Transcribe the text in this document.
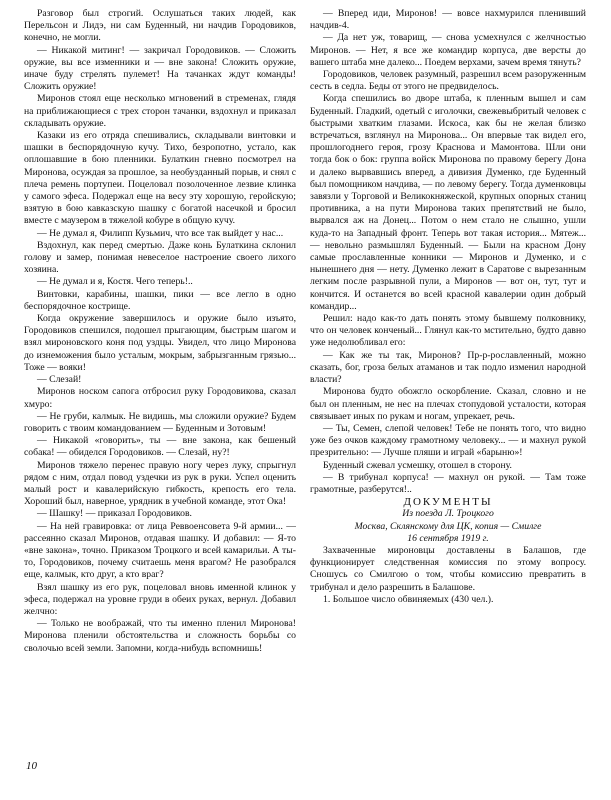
Разговор был строгий. Ослушаться таких людей, как Перельсон и Лидэ, ни сам Буденный, ни начдив Городовиков, конечно, не могли.

— Никакой митинг! — закричал Городовиков. — Сложить оружие, вы все изменники и — вне закона! Сложить оружие, иначе буду стрелять пулемет! На тачанках ждут команды! Сложить оружие!

Миронов стоял еще несколько мгновений в стременах, глядя на приближающиеся с трех сторон тачанки, вздохнул и приказал складывать оружие.

Казаки из его отряда спешивались, складывали винтовки и шашки в беспорядочную кучу. Тихо, безропотно, устало, как оплошавшие в бою пленники. Булаткин гневно посмотрел на Миронова, осуждая за прошлое, за необузданный порыв, и снял с плеча ремень портупеи. Поцеловал позолоченное лезвие клинка у самого эфеса. Подержал еще на весу эту хорошую, геройскую; взятую в бою кавказскую шашку с богатой насечкой и бросил вместе с маузером в тяжелой кобуре в общую кучу.

— Не думал я, Филипп Кузьмич, что все так выйдет у нас...

Вздохнул, как перед смертью. Даже конь Булаткина склонил голову и замер, понимая невеселое настроение своего лихого хозяина.

— Не думал и я, Костя. Чего теперь!..

Винтовки, карабины, шашки, пики — все легло в одно беспорядочное кострище.

Когда окружение завершилось и оружие было изъято, Городовиков спешился, подошел прыгающим, быстрым шагом и взял мироновского коня под уздцы. Увидел, что лицо Миронова до изнеможения было усталым, мокрым, забрызганным грязью... Тоже — вояки!

— Слезай!

Миронов носком сапога отбросил руку Городовикова, сказал хмуро:

— Не груби, калмык. Не видишь, мы сложили оружие? Будем говорить с твоим командованием — Буденным и Зотовым!

— Никакой «говорить», ты — вне закона, как бешеный собака! — обиделся Городовиков. — Слезай, ну?!

Миронов тяжело перенес правую ногу через луку, спрыгнул рядом с ним, отдал повод уздечки из рук в руки. Успел оценить малый рост и кавалерийскую гибкость, крепость его тела. Хороший был, наверное, урядник в учебной команде, этот Ока!

— Шашку! — приказал Городовиков.

— На ней гравировка: от лица Реввоенсовета 9-й армии... — рассеянно сказал Миронов, отдавая шашку. И добавил: — Я-то «вне закона», точно. Приказом Троцкого и всей камарильи. А ты-то, Городовиков, почему считаешь меня врагом? Не разобрался еще, калмык, кто друг, а кто враг?

Взял шашку из его рук, поцеловал вновь именной клинок у эфеса, подержал на уровне груди в обеих руках, вернул. Добавил желчно:

— Только не воображай, что ты именно пленил Миронова! Миронова пленили обстоятельства и сложность борьбы со сволочью всей земли. Запомни, когда-нибудь вспомнишь!

— Вперед иди, Миронов! — вовсе нахмурился пленивший начдив-4.

— Да нет уж, товарищ, — снова усмехнулся с желчностью Миронов. — Нет, я все же командир корпуса, две версты до вашего штаба мне далеко... Поедем верхами, зачем время тянуть?

Городовиков, человек разумный, разрешил всем разоруженным сесть в седла. Беды от этого не предвиделось.

Когда спешились во дворе штаба, к пленным вышел и сам Буденный. Гладкий, одетый с иголочки, свежевыбритый человек с быстрыми хватким глазами. Искоса, как бы не желая близко встречаться, взглянул на Миронова... Он впервые так видел его, прошлогоднего героя, грозу Краснова и Мамонтова. Шли они тогда бок о бок: группа войск Миронова по правому берегу Дона и далеко вырвавшись вперед, а дивизия Думенко, где Буденный был помощником начдива, — по левому берегу. Тогда думенковцы завязли у Торговой и Великокняжеской, крупных опорных станиц противника, а на пути Миронова таких препятствий не было, вырвался аж на Донец... Потом о нем стало не слышно, ушли куда-то на Западный фронт. Теперь вот такая история... Мятеж... — невольно размышлял Буденный. — Были на красном Дону самые прославленные конники — Миронов и Думенко, и с нынешнего дня — нету. Думенко лежит в Саратове с вырезанным легким после разрывной пули, а Миронов — вот он, тут, тут и кончится. И останется во всей красной кавалерии один добрый командир...

Решил: надо как-то дать понять этому бывшему полковнику, что он человек конченый... Глянул как-то мстительно, будто давно уже недолюбливал его:

— Как же ты так, Миронов? Пр-р-рославленный, можно сказать, бог, гроза белых атаманов и так подло изменил народной власти?

Миронова будто обожгло оскорбление. Сказал, словно и не был он пленным, не нес на плечах стопудовой усталости, которая связывает иных по рукам и ногам, упрекает, речь.

— Ты, Семен, слепой человек! Тебе не понять того, что видно уже без очков каждому грамотному человеку... — и махнул рукой презрительно: — Лучше пляши и играй «барыню»!

Буденный сжевал усмешку, отошел в сторону.

— В трибунал корпуса! — махнул он рукой. — Там тоже грамотные, разберутся!..

ДОКУМЕНТЫ

Из поезда Л. Троцкого

Москва, Склянскому для ЦК, копия — Смилге

16 сентября 1919 г.

Захваченные мироновцы доставлены в Балашов, где функционирует следственная комиссия по этому вопросу. Снoшусь со Смилгою о том, чтобы комиссию превратить в трибунал и дело разрешить в Балашове.

1. Большое число обвиняемых (430 чел.).

10
